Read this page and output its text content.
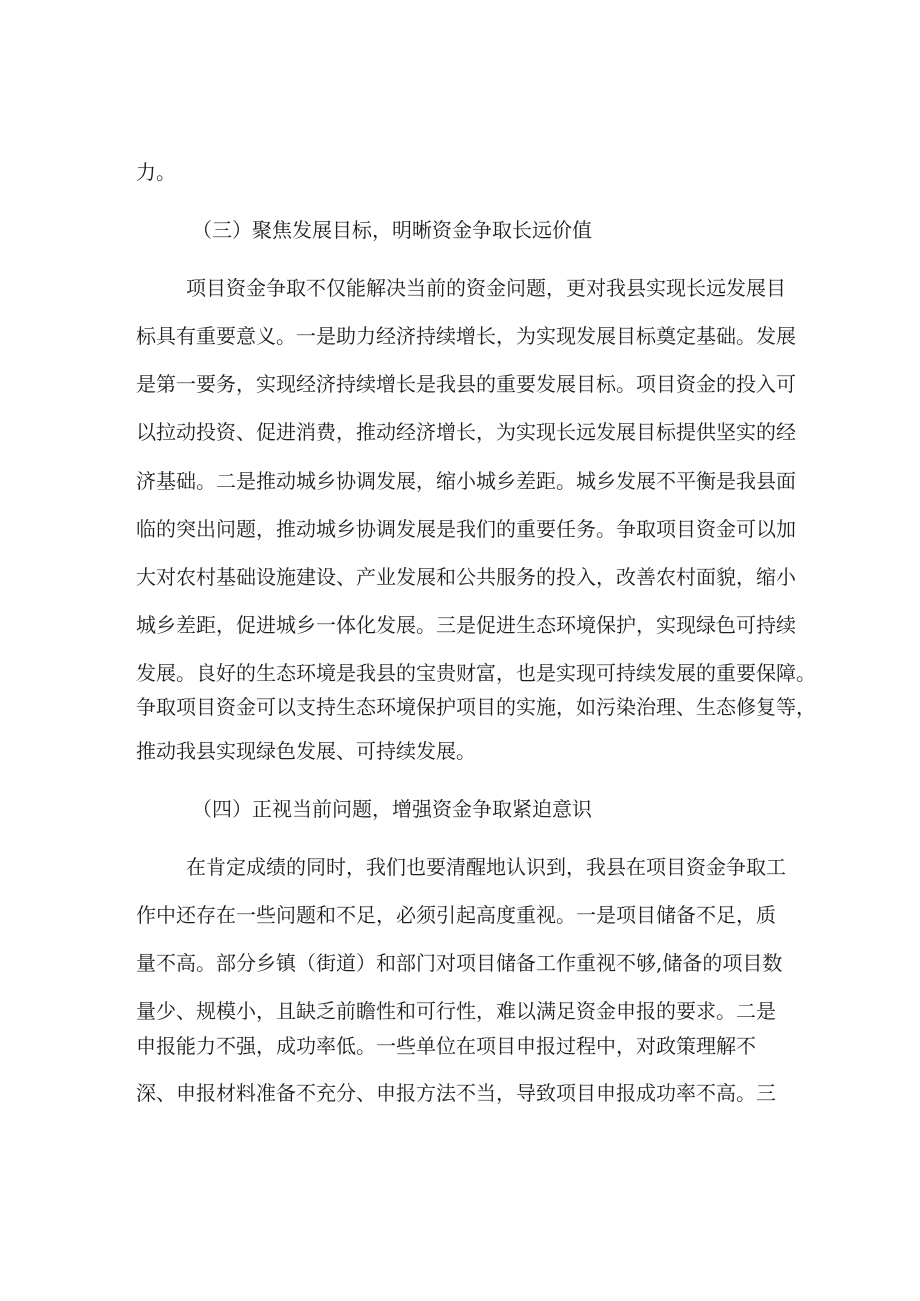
力。

（三）聚焦发展目标，明晰资金争取长远价值

项目资金争取不仅能解决当前的资金问题，更对我县实现长远发展目

标具有重要意义。一是助力经济持续增长，为实现发展目标奠定基础。发展

是第一要务，实现经济持续增长是我县的重要发展目标。项目资金的投入可

以拉动投资、促进消费，推动经济增长，为实现长远发展目标提供坚实的经

济基础。二是推动城乡协调发展，缩小城乡差距。城乡发展不平衡是我县面

临的突出问题，推动城乡协调发展是我们的重要任务。争取项目资金可以加

大对农村基础设施建设、产业发展和公共服务的投入，改善农村面貌，缩小

城乡差距，促进城乡一体化发展。三是促进生态环境保护，实现绿色可持续

发展。良好的生态环境是我县的宝贵财富，也是实现可持续发展的重要保障。

争取项目资金可以支持生态环境保护项目的实施，如污染治理、生态修复等，

推动我县实现绿色发展、可持续发展。

（四）正视当前问题，增强资金争取紧迫意识

在肯定成绩的同时，我们也要清醒地认识到，我县在项目资金争取工

作中还存在一些问题和不足，必须引起高度重视。一是项目储备不足，质

量不高。部分乡镇（街道）和部门对项目储备工作重视不够,储备的项目数

量少、规模小，且缺乏前瞻性和可行性，难以满足资金申报的要求。二是

申报能力不强，成功率低。一些单位在项目申报过程中，对政策理解不

深、申报材料准备不充分、申报方法不当，导致项目申报成功率不高。三
